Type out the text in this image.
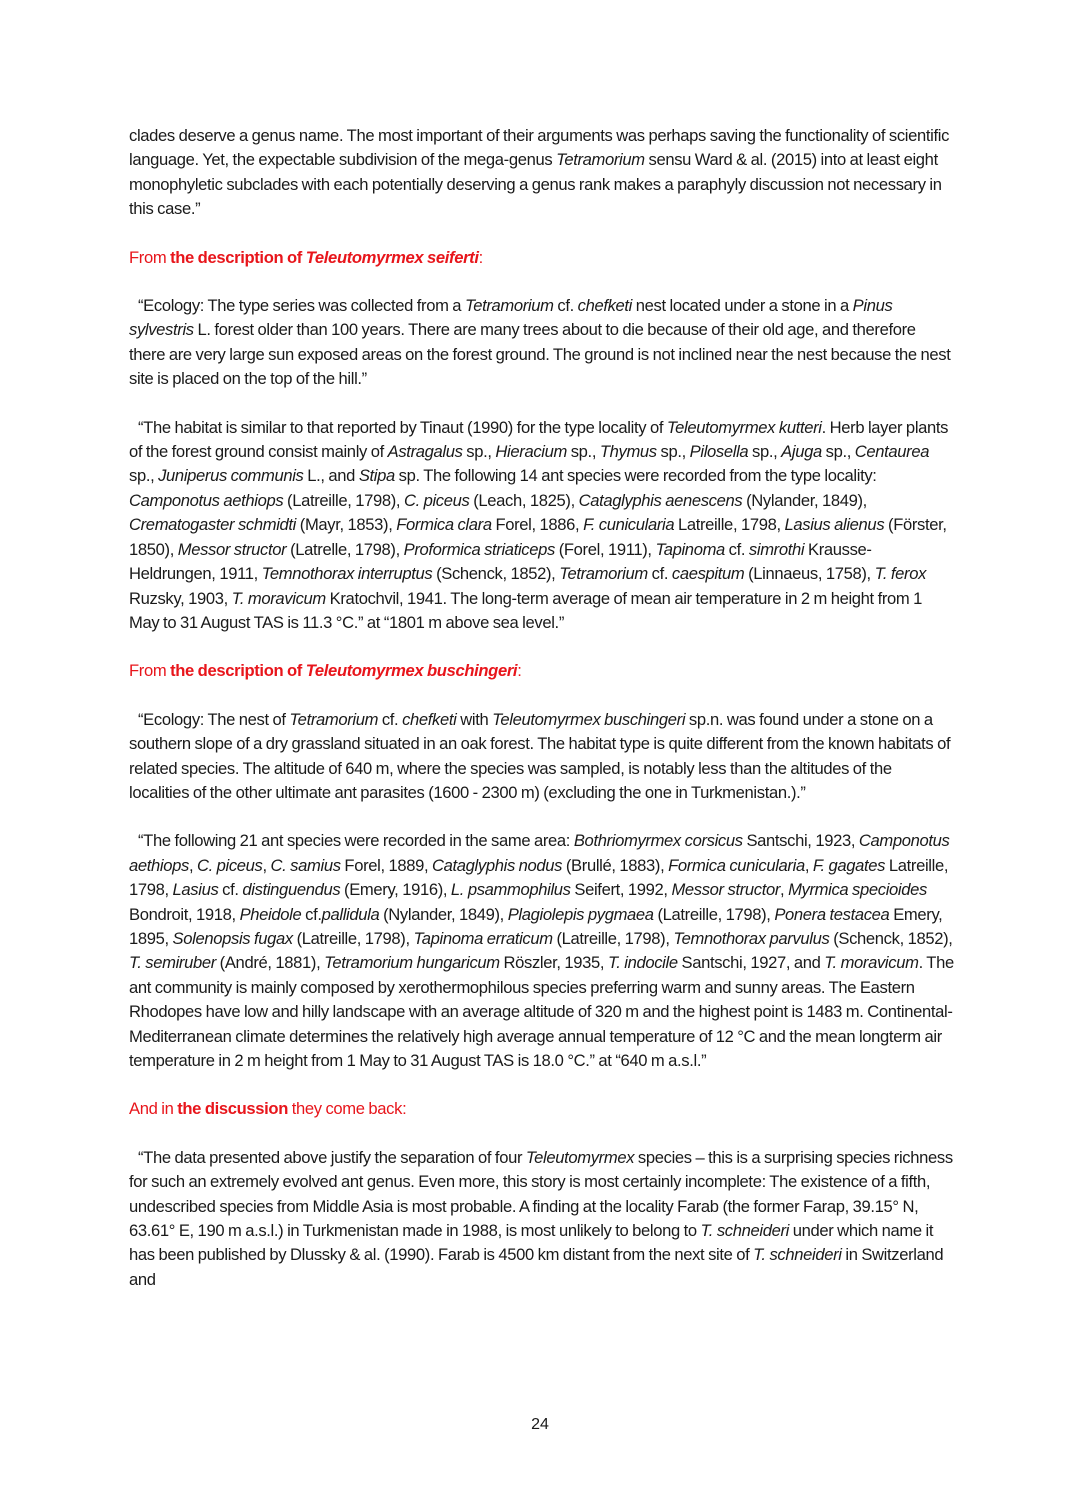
clades deserve a genus name. The most important of their arguments was perhaps saving the functionality of scientific language. Yet, the expectable subdivision of the mega-genus Tetramorium sensu Ward & al. (2015) into at least eight monophyletic subclades with each potentially deserving a genus rank makes a paraphyly discussion not necessary in this case.”

From the description of Teleutomyrmex seiferti:

“Ecology: The type series was collected from a Tetramorium cf. chefketi nest located under a stone in a Pinus sylvestris L. forest older than 100 years. There are many trees about to die because of their old age, and therefore there are very large sun exposed areas on the forest ground. The ground is not inclined near the nest because the nest site is placed on the top of the hill.”

“The habitat is similar to that reported by Tinaut (1990) for the type locality of Teleutomyrmex kutteri. Herb layer plants of the forest ground consist mainly of Astragalus sp., Hieracium sp., Thymus sp., Pilosella sp., Ajuga sp., Centaurea sp., Juniperus communis L., and Stipa sp. The following 14 ant species were recorded from the type locality: Camponotus aethiops (Latreille, 1798), C. piceus (Leach, 1825), Cataglyphis aenescens (Nylander, 1849), Crematogaster schmidti (Mayr, 1853), Formica clara Forel, 1886, F. cunicularia Latreille, 1798, Lasius alienus (Förster, 1850), Messor structor (Latrelle, 1798), Proformica striaticeps (Forel, 1911), Tapinoma cf. simrothi Krausse-Heldrungen, 1911, Temnothorax interruptus (Schenck, 1852), Tetramorium cf. caespitum (Linnaeus, 1758), T. ferox Ruzsky, 1903, T. moravicum Kratochvil, 1941. The long-term average of mean air temperature in 2 m height from 1 May to 31 August TAS is 11.3 °C.” at “1801 m above sea level.”

From the description of Teleutomyrmex buschingeri:

“Ecology: The nest of Tetramorium cf. chefketi with Teleutomyrmex buschingeri sp.n. was found under a stone on a southern slope of a dry grassland situated in an oak forest. The habitat type is quite different from the known habitats of related species. The altitude of 640 m, where the species was sampled, is notably less than the altitudes of the localities of the other ultimate ant parasites (1600 - 2300 m) (excluding the one in Turkmenistan.).”

“The following 21 ant species were recorded in the same area: Bothriomyrmex corsicus Santschi, 1923, Camponotus aethiops, C. piceus, C. samius Forel, 1889, Cataglyphis nodus (Brullé, 1883), Formica cunicularia, F. gagates Latreille, 1798, Lasius cf. distinguendus (Emery, 1916), L. psammophilus Seifert, 1992, Messor structor, Myrmica specioides Bondroit, 1918, Pheidole cf.pallidula (Nylander, 1849), Plagiolepis pygmaea (Latreille, 1798), Ponera testacea Emery, 1895, Solenopsis fugax (Latreille, 1798), Tapinoma erraticum (Latreille, 1798), Temnothorax parvulus (Schenck, 1852), T. semiruber (André, 1881), Tetramorium hungaricum Röszler, 1935, T. indocile Santschi, 1927, and T. moravicum. The ant community is mainly composed by xerothermophilous species preferring warm and sunny areas. The Eastern Rhodopes have low and hilly landscape with an average altitude of 320 m and the highest point is 1483 m. Continental-Mediterranean climate determines the relatively high average annual temperature of 12 °C and the mean longterm air temperature in 2 m height from 1 May to 31 August TAS is 18.0 °C.” at “640 m a.s.l.”

And in the discussion they come back:

“The data presented above justify the separation of four Teleutomyrmex species – this is a surprising species richness for such an extremely evolved ant genus. Even more, this story is most certainly incomplete: The existence of a fifth, undescribed species from Middle Asia is most probable. A finding at the locality Farab (the former Farap, 39.15° N, 63.61° E, 190 m a.s.l.) in Turkmenistan made in 1988, is most unlikely to belong to T. schneideri under which name it has been published by Dlussky & al. (1990). Farab is 4500 km distant from the next site of T. schneideri in Switzerland and

24
